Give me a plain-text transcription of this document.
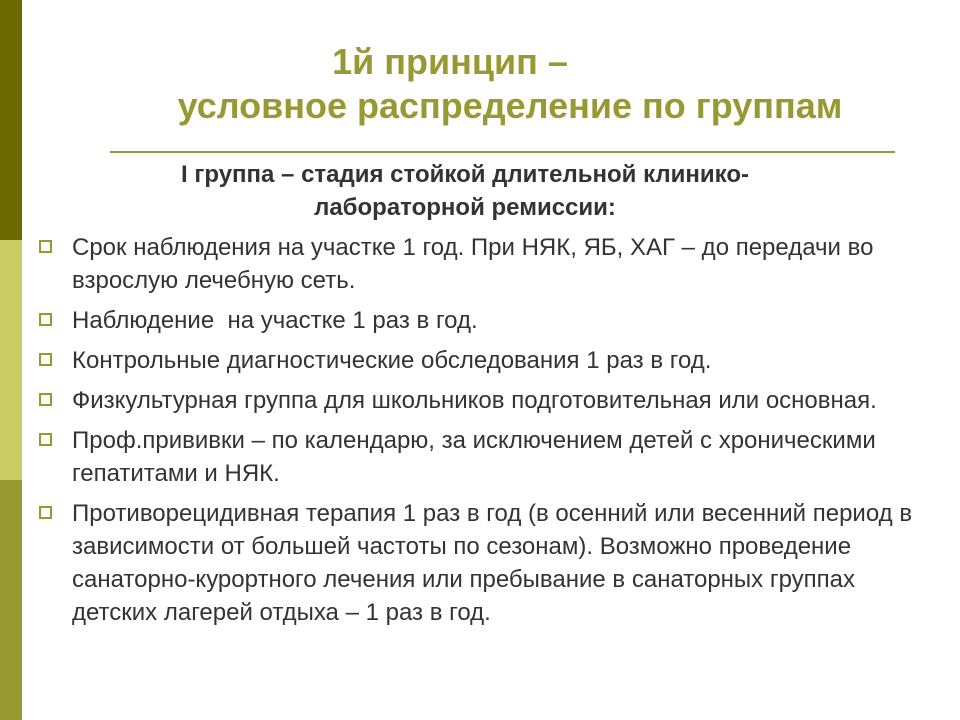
1й принцип –
условное распределение по группам

I группа – стадия стойкой длительной клинико-лабораторной ремиссии:

Срок наблюдения на участке 1 год. При НЯК, ЯБ, ХАГ – до передачи во взрослую лечебную сеть.
Наблюдение  на участке 1 раз в год.
Контрольные диагностические обследования 1 раз в год.
Физкультурная группа для школьников подготовительная или основная.
Проф.прививки – по календарю, за исключением детей с хроническими гепатитами и НЯК.
Противорецидивная терапия 1 раз в год (в осенний или весенний период в зависимости от большей частоты по сезонам). Возможно проведение санаторно-курортного лечения или пребывание в санаторных группах детских лагерей отдыха – 1 раз в год.
